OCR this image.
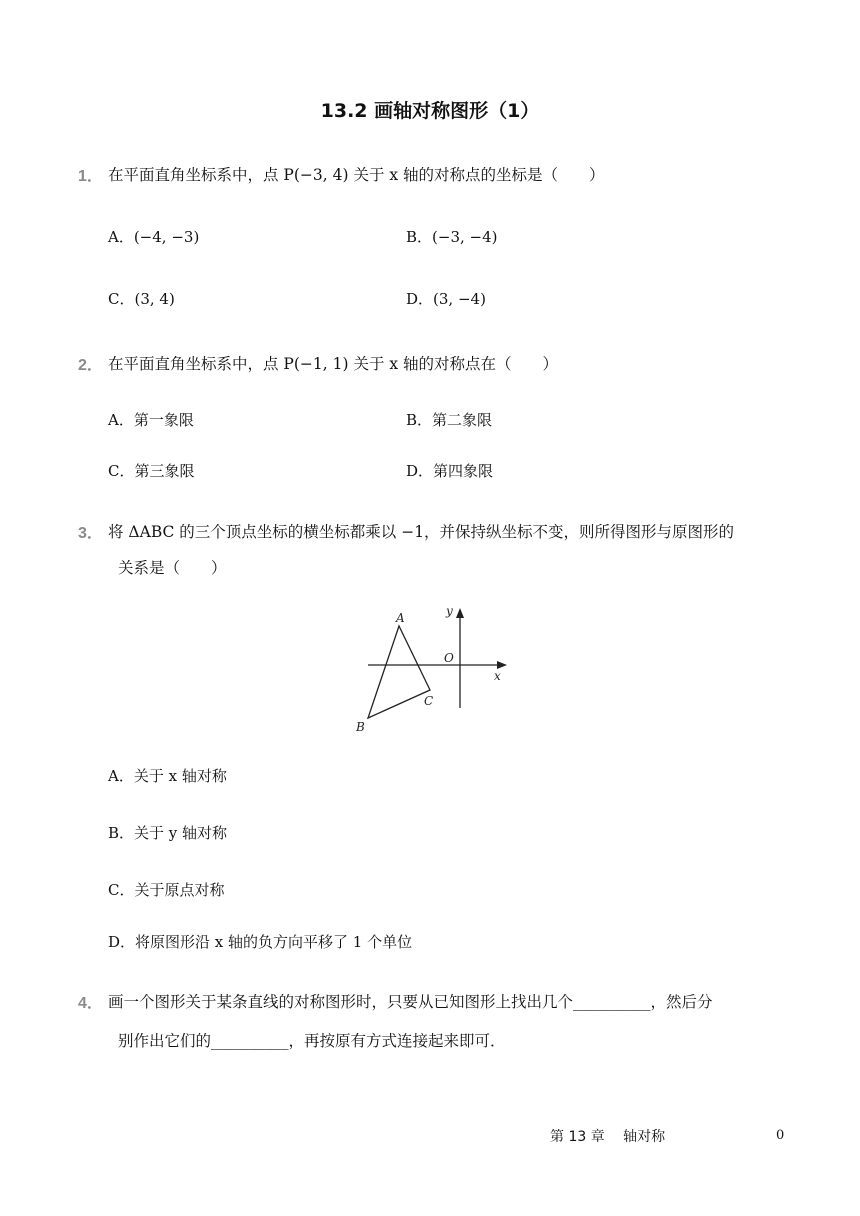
13.2 画轴对称图形（1）
1． 在平面直角坐标系中，点 P(−3, 4) 关于 x 轴的对称点的坐标是（　　）
A．(−4, −3)	B．(−3, −4)
C．(3, 4)	D．(3, −4)
2． 在平面直角坐标系中，点 P(−1, 1) 关于 x 轴的对称点在（　　）
A．第一象限	B．第二象限
C．第三象限	D．第四象限
3． 将 ΔABC 的三个顶点坐标的横坐标都乘以 −1，并保持纵坐标不变，则所得图形与原图形的
关系是（　　）
A
B
C
O
x
y
A．关于 x 轴对称
B．关于 y 轴对称
C．关于原点对称
D．将原图形沿 x 轴的负方向平移了 1 个单位
4． 画一个图形关于某条直线的对称图形时，只要从已知图形上找出几个__________，然后分
别作出它们的__________，再按原有方式连接起来即可．
第 13 章　 轴对称	0
